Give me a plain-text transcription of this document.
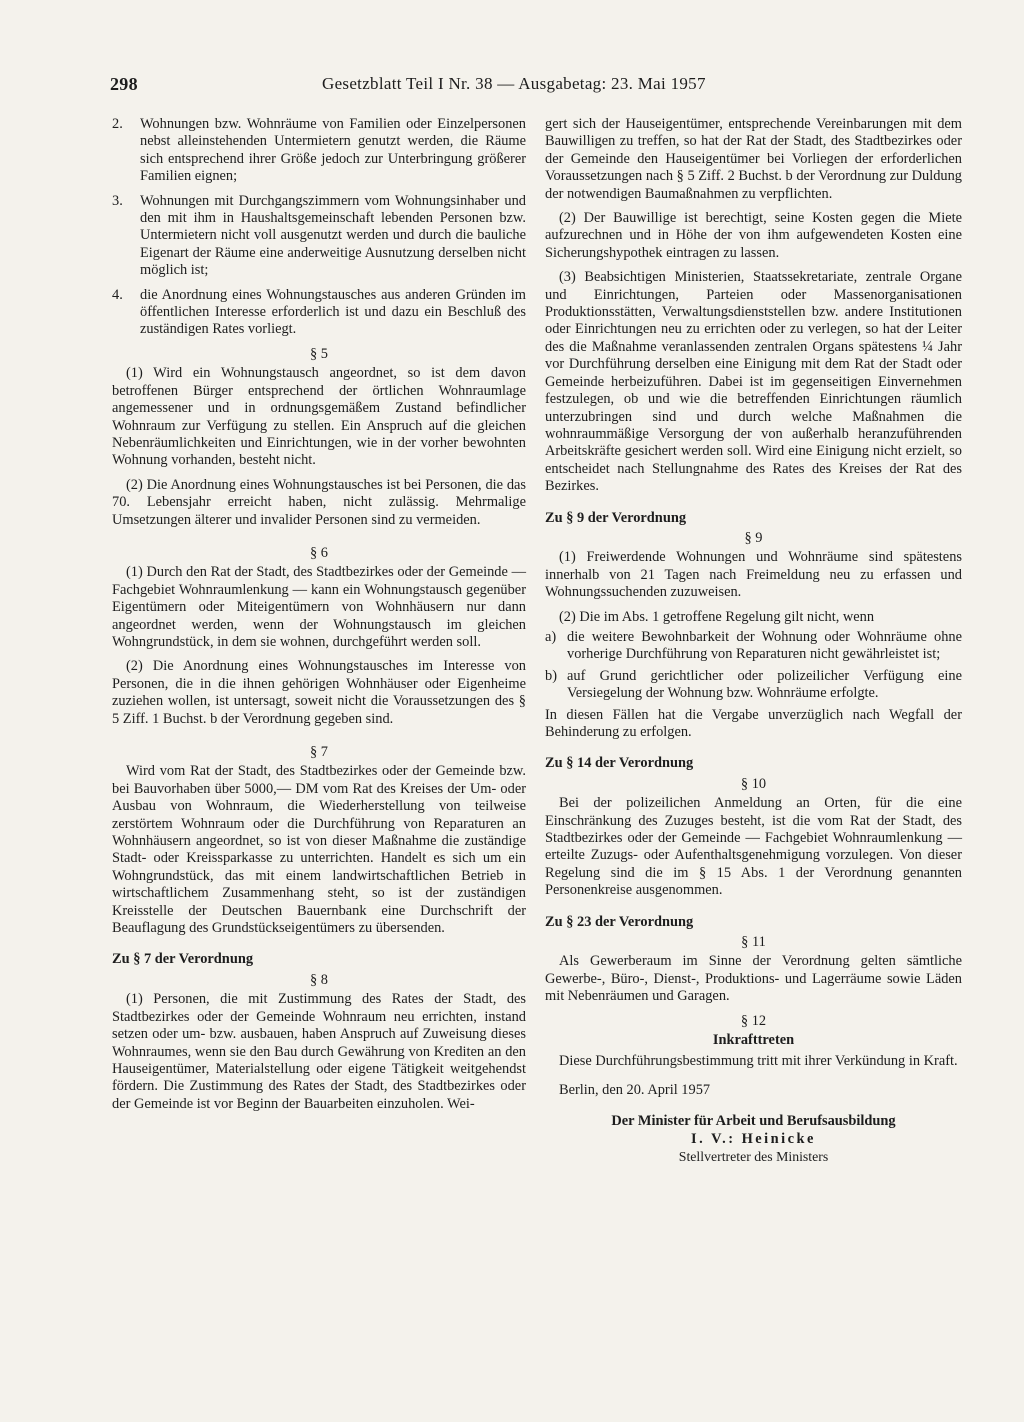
298	Gesetzblatt Teil I Nr. 38 — Ausgabetag: 23. Mai 1957
2. Wohnungen bzw. Wohnräume von Familien oder Einzelpersonen nebst alleinstehenden Untermietern genutzt werden, die Räume sich entsprechend ihrer Größe jedoch zur Unterbringung größerer Familien eignen;

3. Wohnungen mit Durchgangszimmern vom Wohnungsinhaber und den mit ihm in Haushaltsgemeinschaft lebenden Personen bzw. Untermietern nicht voll ausgenutzt werden und durch die bauliche Eigenart der Räume eine anderweitige Ausnutzung derselben nicht möglich ist;

4. die Anordnung eines Wohnungstausches aus anderen Gründen im öffentlichen Interesse erforderlich ist und dazu ein Beschluß des zuständigen Rates vorliegt.

§ 5

(1) Wird ein Wohnungstausch angeordnet, so ist dem davon betroffenen Bürger entsprechend der örtlichen Wohnraumlage angemessener und in ordnungsgemäßem Zustand befindlicher Wohnraum zur Verfügung zu stellen. Ein Anspruch auf die gleichen Nebenräumlichkeiten und Einrichtungen, wie in der vorher bewohnten Wohnung vorhanden, besteht nicht.

(2) Die Anordnung eines Wohnungstausches ist bei Personen, die das 70. Lebensjahr erreicht haben, nicht zulässig. Mehrmalige Umsetzungen älterer und invalider Personen sind zu vermeiden.

§ 6

(1) Durch den Rat der Stadt, des Stadtbezirkes oder der Gemeinde — Fachgebiet Wohnraumlenkung — kann ein Wohnungstausch gegenüber Eigentümern oder Miteigentümern von Wohnhäusern nur dann angeordnet werden, wenn der Wohnungstausch im gleichen Wohngrundstück, in dem sie wohnen, durchgeführt werden soll.

(2) Die Anordnung eines Wohnungstausches im Interesse von Personen, die in die ihnen gehörigen Wohnhäuser oder Eigenheime zuziehen wollen, ist untersagt, soweit nicht die Voraussetzungen des § 5 Ziff. 1 Buchst. b der Verordnung gegeben sind.

§ 7

Wird vom Rat der Stadt, des Stadtbezirkes oder der Gemeinde bzw. bei Bauvorhaben über 5000,— DM vom Rat des Kreises der Um- oder Ausbau von Wohnraum, die Wiederherstellung von teilweise zerstörtem Wohnraum oder die Durchführung von Reparaturen an Wohnhäusern angeordnet, so ist von dieser Maßnahme die zuständige Stadt- oder Kreissparkasse zu unterrichten. Handelt es sich um ein Wohngrundstück, das mit einem landwirtschaftlichen Betrieb in wirtschaftlichem Zusammenhang steht, so ist der zuständigen Kreisstelle der Deutschen Bauernbank eine Durchschrift der Beauflagung des Grundstückseigentümers zu übersenden.

Zu § 7 der Verordnung

§ 8

(1) Personen, die mit Zustimmung des Rates der Stadt, des Stadtbezirkes oder der Gemeinde Wohnraum neu errichten, instand setzen oder um- bzw. ausbauen, haben Anspruch auf Zuweisung dieses Wohnraumes, wenn sie den Bau durch Gewährung von Krediten an den Hauseigentümer, Materialstellung oder eigene Tätigkeit weitgehendst fördern. Die Zustimmung des Rates der Stadt, des Stadtbezirkes oder der Gemeinde ist vor Beginn der Bauarbeiten einzuholen. Wei-

gert sich der Hauseigentümer, entsprechende Vereinbarungen mit dem Bauwilligen zu treffen, so hat der Rat der Stadt, des Stadtbezirkes oder der Gemeinde den Hauseigentümer bei Vorliegen der erforderlichen Voraussetzungen nach § 5 Ziff. 2 Buchst. b der Verordnung zur Duldung der notwendigen Baumaßnahmen zu verpflichten.

(2) Der Bauwillige ist berechtigt, seine Kosten gegen die Miete aufzurechnen und in Höhe der von ihm aufgewendeten Kosten eine Sicherungshypothek eintragen zu lassen.

(3) Beabsichtigen Ministerien, Staatssekretariate, zentrale Organe und Einrichtungen, Parteien oder Massenorganisationen Produktionsstätten, Verwaltungsdienststellen bzw. andere Institutionen oder Einrichtungen neu zu errichten oder zu verlegen, so hat der Leiter des die Maßnahme veranlassenden zentralen Organs spätestens ¼ Jahr vor Durchführung derselben eine Einigung mit dem Rat der Stadt oder Gemeinde herbeizuführen. Dabei ist im gegenseitigen Einvernehmen festzulegen, ob und wie die betreffenden Einrichtungen räumlich unterzubringen sind und durch welche Maßnahmen die wohnraummäßige Versorgung der von außerhalb heranzuführenden Arbeitskräfte gesichert werden soll. Wird eine Einigung nicht erzielt, so entscheidet nach Stellungnahme des Rates des Kreises der Rat des Bezirkes.

Zu § 9 der Verordnung

§ 9

(1) Freiwerdende Wohnungen und Wohnräume sind spätestens innerhalb von 21 Tagen nach Freimeldung neu zu erfassen und Wohnungssuchenden zuzuweisen.

(2) Die im Abs. 1 getroffene Regelung gilt nicht, wenn

a) die weitere Bewohnbarkeit der Wohnung oder Wohnräume ohne vorherige Durchführung von Reparaturen nicht gewährleistet ist;

b) auf Grund gerichtlicher oder polizeilicher Verfügung eine Versiegelung der Wohnung bzw. Wohnräume erfolgte.

In diesen Fällen hat die Vergabe unverzüglich nach Wegfall der Behinderung zu erfolgen.

Zu § 14 der Verordnung

§ 10

Bei der polizeilichen Anmeldung an Orten, für die eine Einschränkung des Zuzuges besteht, ist die vom Rat der Stadt, des Stadtbezirkes oder der Gemeinde — Fachgebiet Wohnraumlenkung — erteilte Zuzugs- oder Aufenthaltsgenehmigung vorzulegen. Von dieser Regelung sind die im § 15 Abs. 1 der Verordnung genannten Personenkreise ausgenommen.

Zu § 23 der Verordnung

§ 11

Als Gewerberaum im Sinne der Verordnung gelten sämtliche Gewerbe-, Büro-, Dienst-, Produktions- und Lagerräume sowie Läden mit Nebenräumen und Garagen.

§ 12

Inkrafttreten

Diese Durchführungsbestimmung tritt mit ihrer Verkündung in Kraft.

Berlin, den 20. April 1957

Der Minister für Arbeit und Berufsausbildung

I. V.: Heinicke

Stellvertreter des Ministers
